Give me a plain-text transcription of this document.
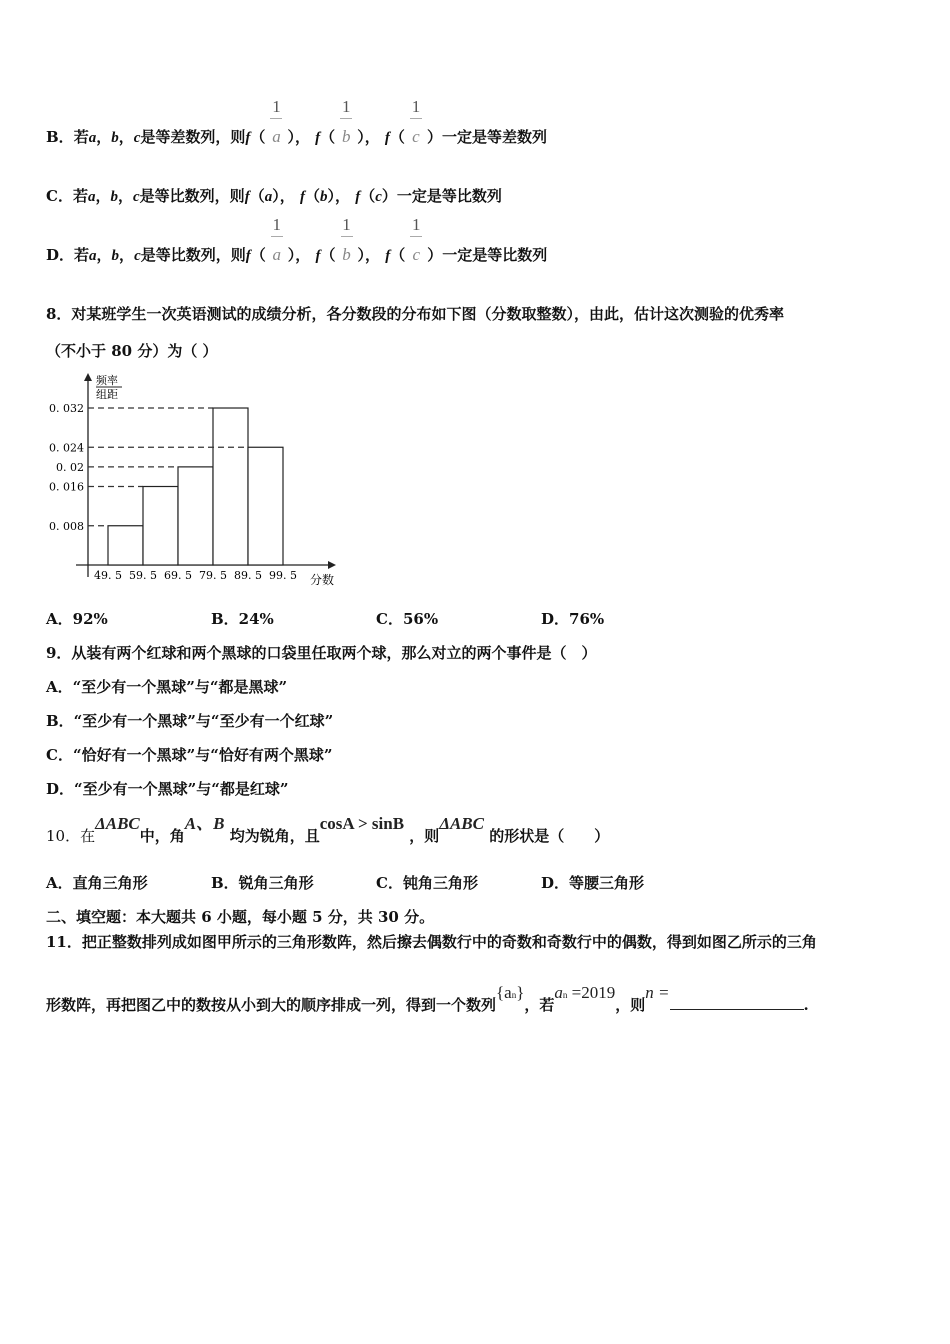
B．若a，b，c是等差数列，则$f( \frac{1}{a})$， $f( \frac{1}{b})$， $f( \frac{1}{c})$一定是等差数列
C．若a，b，c是等比数列，则f（a）， f（b）， f（c）一定是等比数列
D．若a，b，c是等比数列，则$f( \frac{1}{a})$， $f( \frac{1}{b})$， $f( \frac{1}{c})$一定是等比数列
8．对某班学生一次英语测试的成绩分析，各分数段的分布如下图（分数取整数），由此，估计这次测验的优秀率
（不小于 80 分）为（ ）
频率
组距
0. 032
0. 024
0. 02
0. 016
0. 008
49. 5 59. 5 69. 5 79. 5 89. 5 99. 5 分数
A．92%	B．24%	C．56%	D．76%
9．从装有两个红球和两个黑球的口袋里任取两个球，那么对立的两个事件是（　）
A．“至少有一个黑球”与“都是黑球”
B．“至少有一个黑球”与“至少有一个红球”
C．“恰好有一个黑球”与“恰好有两个黑球”
D．“至少有一个黑球”与“都是红球”
10．在ΔABC中，角A、B 均为锐角，且cosA > sinB ，则ΔABC 的形状是（　　）
A．直角三角形	B．锐角三角形	C．钝角三角形	D．等腰三角形
二、填空题：本大题共 6 小题，每小题 5 分，共 30 分。
11．把正整数排列成如图甲所示的三角形数阵，然后擦去偶数行中的奇数和奇数行中的偶数，得到如图乙所示的三角
形数阵，再把图乙中的数按从小到大的顺序排成一列，得到一个数列{an}，若an =2019，则n =.
